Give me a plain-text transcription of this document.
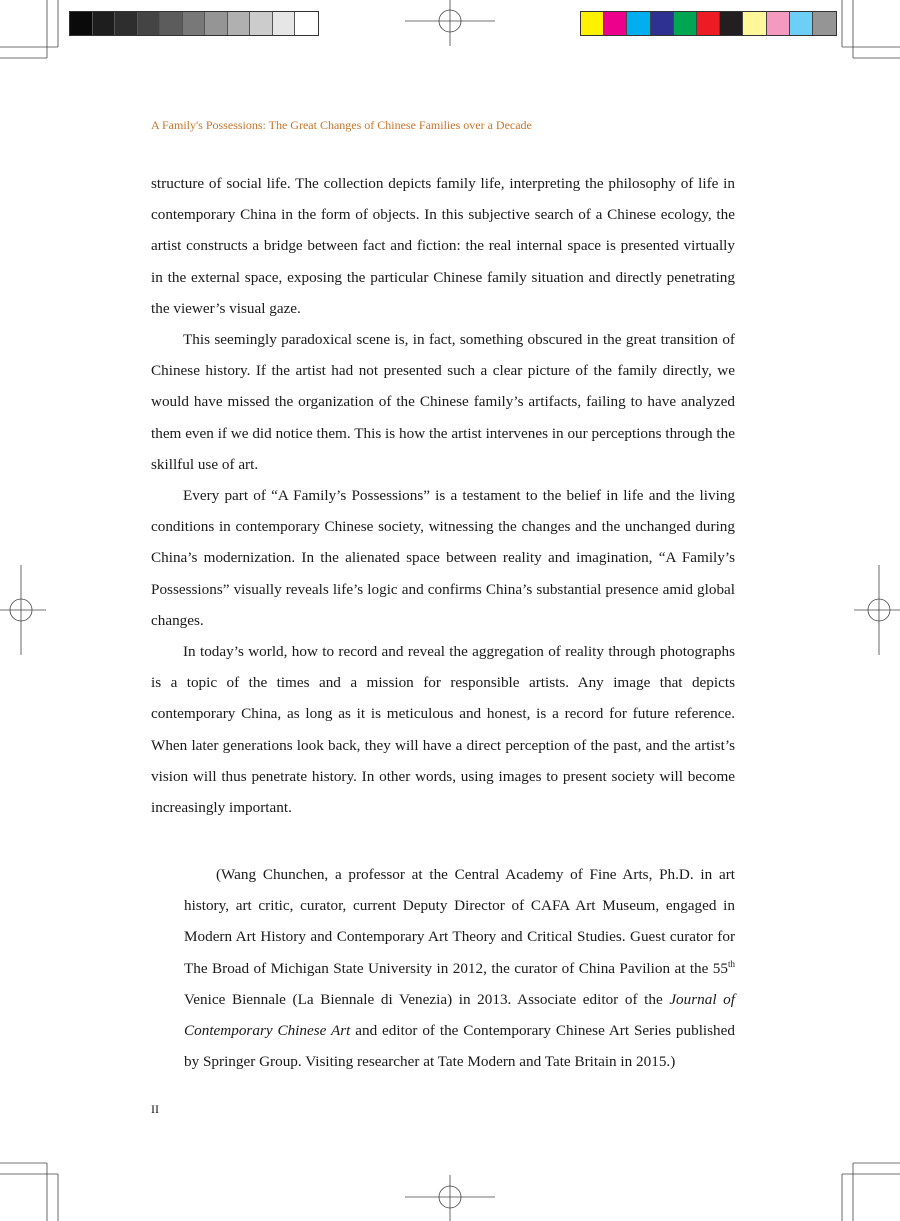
A Family's Possessions: The Great Changes of Chinese Families over a Decade

structure of social life. The collection depicts family life, interpreting the philosophy of life in contemporary China in the form of objects. In this subjective search of a Chinese ecology, the artist constructs a bridge between fact and fiction: the real internal space is presented virtually in the external space, exposing the particular Chinese family situation and directly penetrating the viewer’s visual gaze.

This seemingly paradoxical scene is, in fact, something obscured in the great transition of Chinese history. If the artist had not presented such a clear picture of the family directly, we would have missed the organization of the Chinese family’s artifacts, failing to have analyzed them even if we did notice them. This is how the artist intervenes in our perceptions through the skillful use of art.

Every part of “A Family’s Possessions” is a testament to the belief in life and the living conditions in contemporary Chinese society, witnessing the changes and the unchanged during China’s modernization. In the alienated space between reality and imagination, “A Family’s Possessions” visually reveals life’s logic and confirms China’s substantial presence amid global changes.

In today’s world, how to record and reveal the aggregation of reality through photographs is a topic of the times and a mission for responsible artists. Any image that depicts contemporary China, as long as it is meticulous and honest, is a record for future reference. When later generations look back, they will have a direct perception of the past, and the artist’s vision will thus penetrate history. In other words, using images to present society will become increasingly important.

(Wang Chunchen, a professor at the Central Academy of Fine Arts, Ph.D. in art history, art critic, curator, current Deputy Director of CAFA Art Museum, engaged in Modern Art History and Contemporary Art Theory and Critical Studies. Guest curator for The Broad of Michigan State University in 2012, the curator of China Pavilion at the 55th Venice Biennale (La Biennale di Venezia) in 2013. Associate editor of the Journal of Contemporary Chinese Art and editor of the Contemporary Chinese Art Series published by Springer Group. Visiting researcher at Tate Modern and Tate Britain in 2015.)

II
